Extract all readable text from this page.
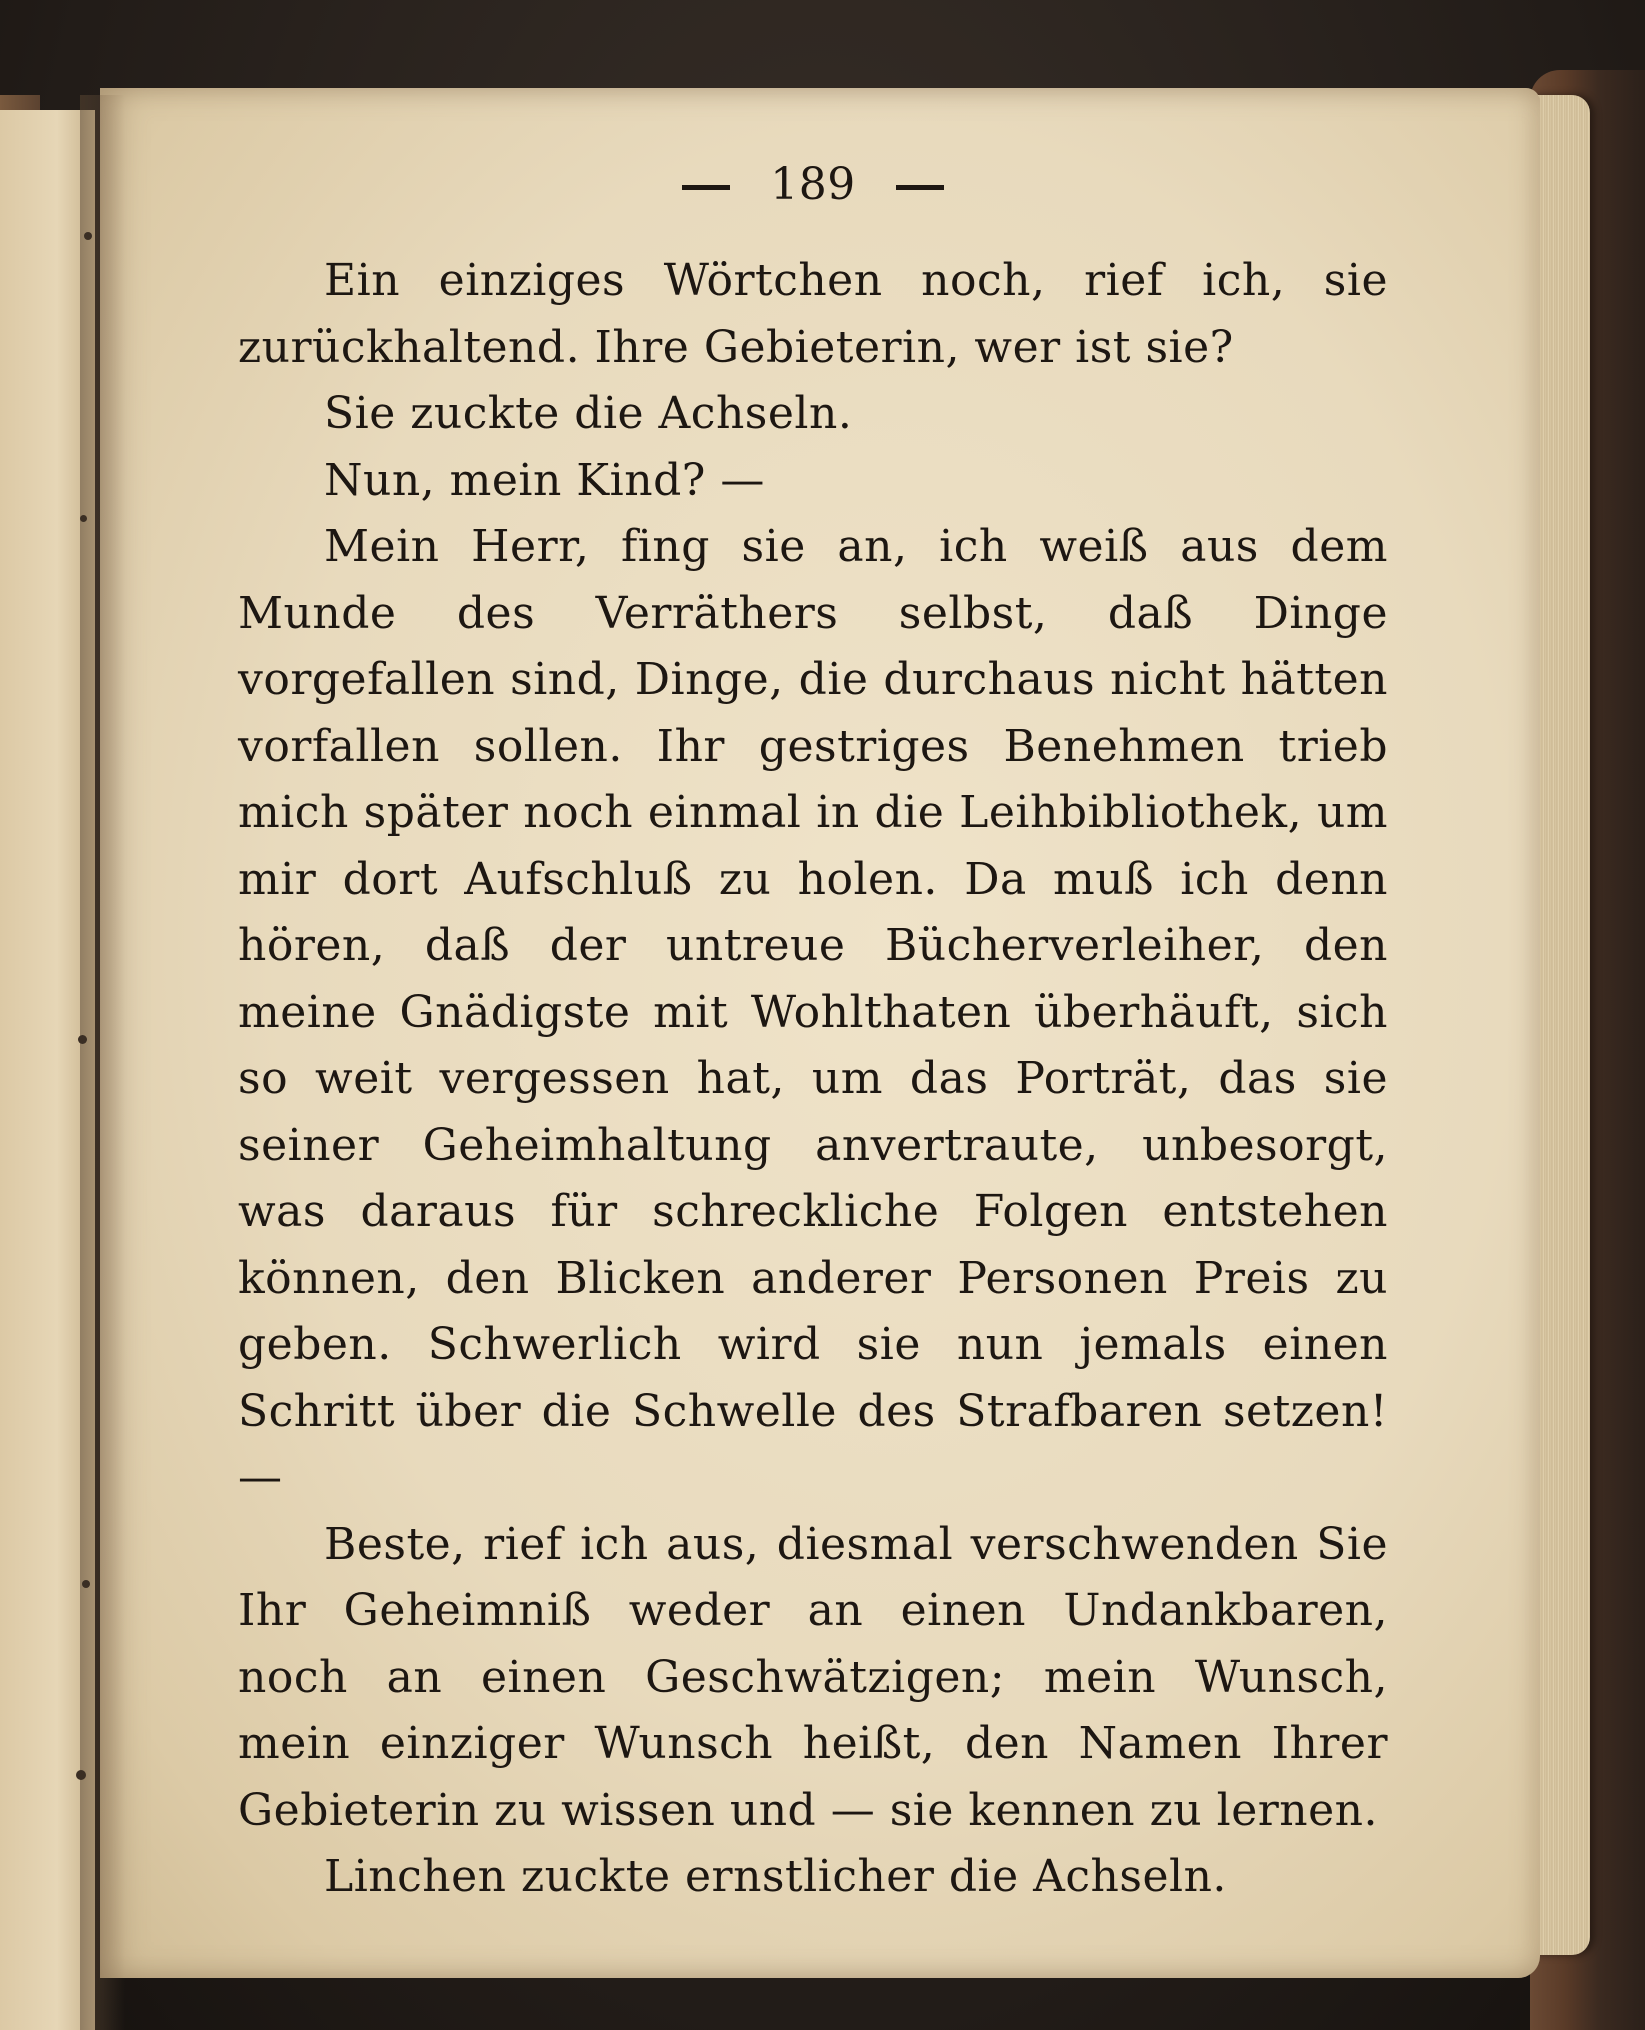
189

Ein einziges Wörtchen noch, rief ich, sie zurückhaltend. Ihre Gebieterin, wer ist sie?

Sie zuckte die Achseln.

Nun, mein Kind? —

Mein Herr, fing sie an, ich weiß aus dem Munde des Verräthers selbst, daß Dinge vorgefallen sind, Dinge, die durchaus nicht hätten vorfallen sollen. Ihr gestriges Benehmen trieb mich später noch einmal in die Leihbibliothek, um mir dort Aufschluß zu holen. Da muß ich denn hören, daß der untreue Bücherverleiher, den meine Gnädigste mit Wohlthaten überhäuft, sich so weit vergessen hat, um das Porträt, das sie seiner Geheimhaltung anvertraute, unbesorgt, was daraus für schreckliche Folgen entstehen können, den Blicken anderer Personen Preis zu geben. Schwerlich wird sie nun jemals einen Schritt über die Schwelle des Strafbaren setzen! —

Beste, rief ich aus, diesmal verschwenden Sie Ihr Geheimniß weder an einen Undankbaren, noch an einen Geschwätzigen; mein Wunsch, mein einziger Wunsch heißt, den Namen Ihrer Gebieterin zu wissen und — sie kennen zu lernen.

Linchen zuckte ernstlicher die Achseln.
